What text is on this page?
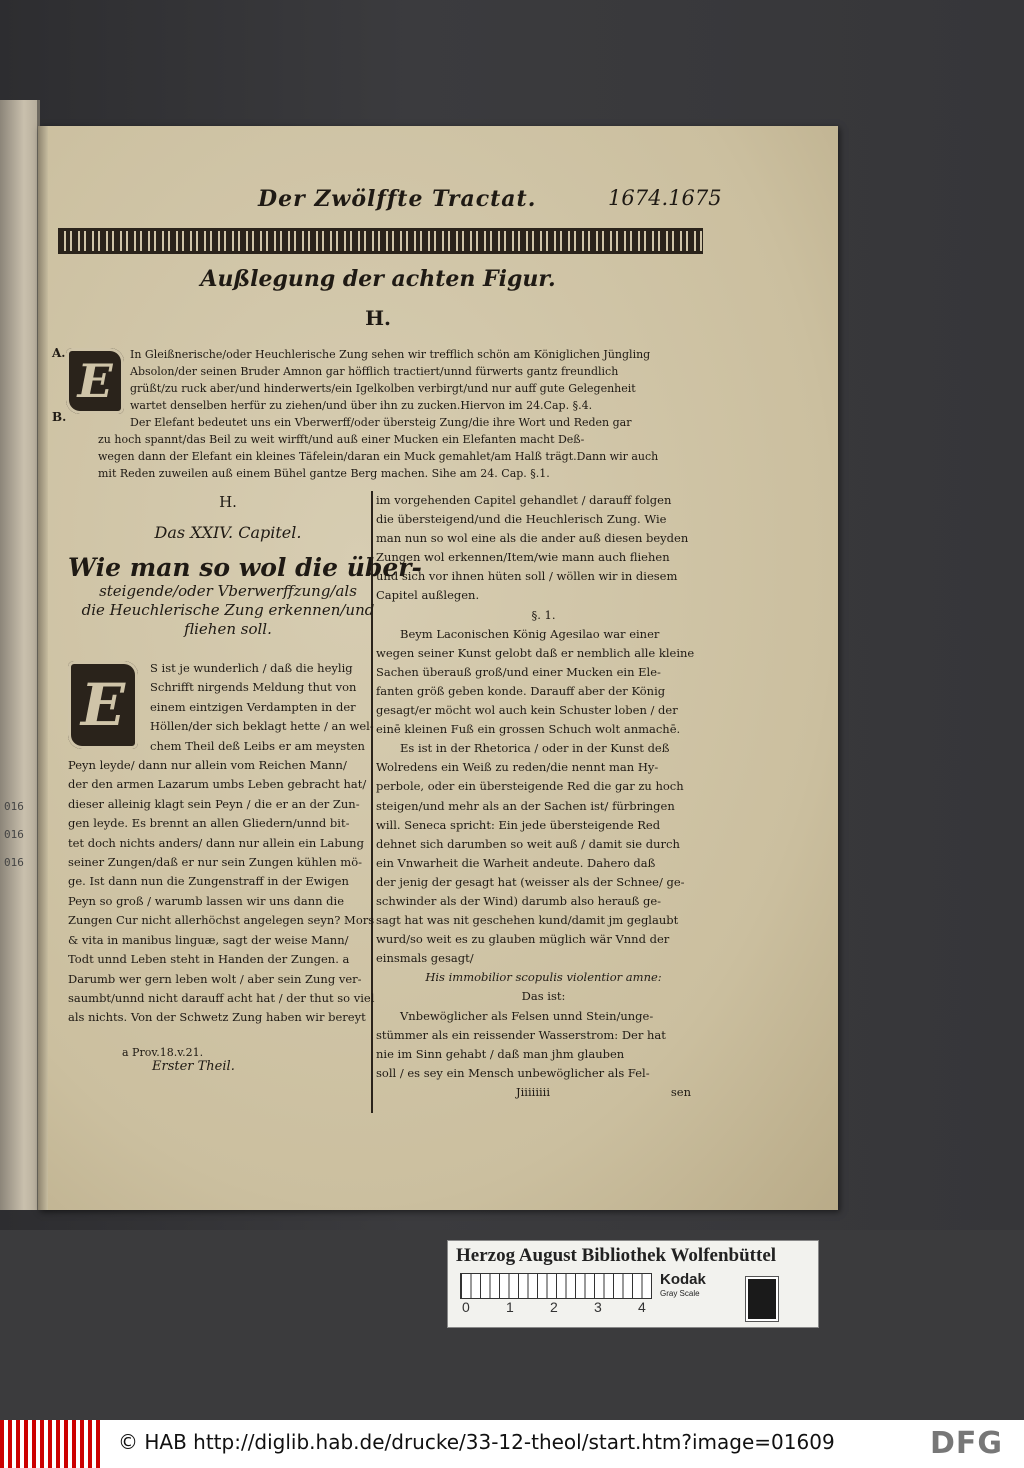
016
016
016
Der Zwölffte Tractat.	1674.1675
Außlegung der achten Figur.
H.
A.
B.
E	In Gleißnerische/oder Heuchlerische Zung sehen wir trefflich schön am Königlichen Jüngling
Absolon/der seinen Bruder Amnon gar höfflich tractiert/unnd fürwerts gantz freundlich
grüßt/zu ruck aber/und hinderwerts/ein Igelkolben verbirgt/und nur auff gute Gelegenheit
wartet denselben herfür zu ziehen/und über ihn zu zucken.Hiervon im 24.Cap. §.4.
Der Elefant bedeutet uns ein Vberwerff/oder übersteig Zung/die ihre Wort und Reden gar
zu hoch spannt/das Beil zu weit wirfft/und auß einer Mucken ein Elefanten macht Deß-
wegen dann der Elefant ein kleines Täfelein/daran ein Muck gemahlet/am Halß trägt.Dann wir auch
mit Reden zuweilen auß einem Bühel gantze Berg machen. Sihe am 24. Cap. §.1.
H.
Das XXIV. Capitel.
Wie man so wol die über-
steigende/oder Vberwerffzung/als
die Heuchlerische Zung erkennen/und
fliehen soll.
E
S ist je wunderlich / daß die heylig
Schrifft nirgends Meldung thut von
einem eintzigen Verdampten in der
Höllen/der sich beklagt hette / an wel-
chem Theil deß Leibs er am meysten
Peyn leyde/ dann nur allein vom Reichen Mann/
der den armen Lazarum umbs Leben gebracht hat/
dieser alleinig klagt sein Peyn / die er an der Zun-
gen leyde. Es brennt an allen Gliedern/unnd bit-
tet doch nichts anders/ dann nur allein ein Labung
seiner Zungen/daß er nur sein Zungen kühlen mö-
ge. Ist dann nun die Zungenstraff in der Ewigen
Peyn so groß / warumb lassen wir uns dann die
Zungen Cur nicht allerhöchst angelegen seyn? Mors
& vita in manibus linguæ, sagt der weise Mann/
Todt unnd Leben steht in Handen der Zungen. a
Darumb wer gern leben wolt / aber sein Zung ver-
saumbt/unnd nicht darauff acht hat / der thut so viel
als nichts. Von der Schwetz Zung haben wir bereyt
a Prov.18.v.21.
Erster Theil.
im vorgehenden Capitel gehandlet / darauff folgen
die übersteigend/und die Heuchlerisch Zung. Wie
man nun so wol eine als die ander auß diesen beyden
Zungen wol erkennen/Item/wie mann auch fliehen
und sich vor ihnen hüten soll / wöllen wir in diesem
Capitel außlegen.
§. 1.
Beym Laconischen König Agesilao war einer
wegen seiner Kunst gelobt daß er nemblich alle kleine
Sachen überauß groß/und einer Mucken ein Ele-
fanten größ geben konde. Darauff aber der König
gesagt/er möcht wol auch kein Schuster loben / der
einē kleinen Fuß ein grossen Schuch wolt anmachē.
Es ist in der Rhetorica / oder in der Kunst deß
Wolredens ein Weiß zu reden/die nennt man Hy-
perbole, oder ein übersteigende Red die gar zu hoch
steigen/und mehr als an der Sachen ist/ fürbringen
will. Seneca spricht: Ein jede übersteigende Red
dehnet sich darumben so weit auß / damit sie durch
ein Vnwarheit die Warheit andeute. Dahero daß
der jenig der gesagt hat (weisser als der Schnee/ ge-
schwinder als der Wind) darumb also herauß ge-
sagt hat was nit geschehen kund/damit jm geglaubt
wurd/so weit es zu glauben müglich wär Vnnd der
einsmals gesagt/
His immobilior scopulis violentior amne:
Das ist:
Vnbewöglicher als Felsen unnd Stein/unge-
stümmer als ein reissender Wasserstrom: Der hat
nie im Sinn gehabt / daß man jhm glauben
soll / es sey ein Mensch unbewöglicher als Fel-
Jiiiiiiii	sen
Herzog August Bibliothek Wolfenbüttel
0	1	2	3	4
Kodak
Gray Scale
© HAB http://diglib.hab.de/drucke/33-12-theol/start.htm?image=01609	DFG
